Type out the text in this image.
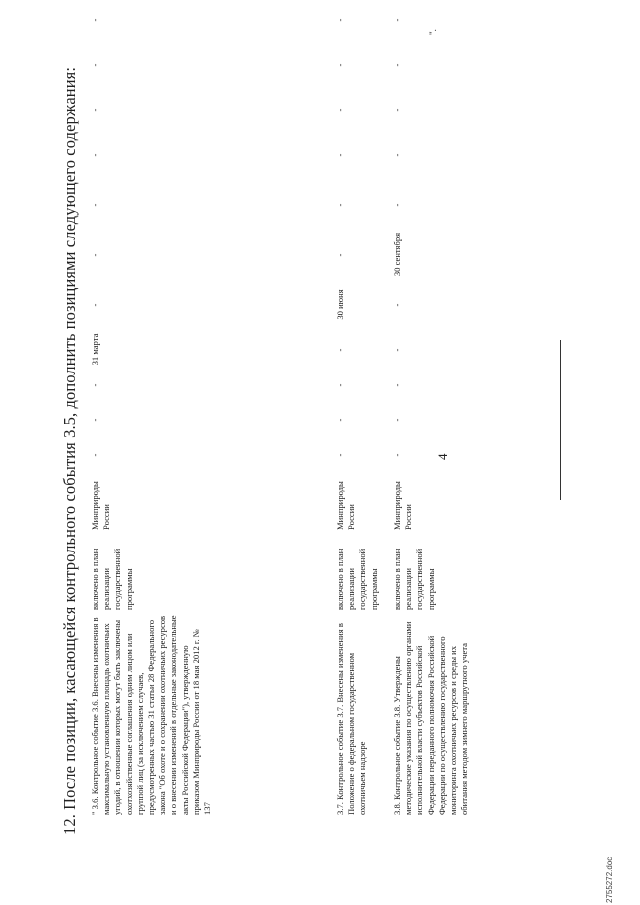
12. После позиции, касающейся контрольного события 3.5, дополнить позициями следующего содержания: " 3.6. Контрольное событие 3.6. Внесены изменения в максимальную установленную площадь охотничьих угодий, в отношении которых могут быть заключены охотхозяйственные соглашения одним лицом или группой лиц (за исключением случаев, предусмотренных частью 31 статьи 28 Федерального закона "Об охоте и о сохранении охотничьих ресурсов и о внесении изменений в отдельные законодательные акты Российской Федерации"), утвержденную приказом Минприроды России от 18 мая 2012 г. № 137
включено в план реализации государственной программы
Минприроды России
-
-
-
31 марта
-
-
-
-
-
-
-
3.7. Контрольное событие 3.7. Внесены изменения в Положение о федеральном государственном охотничьем надзоре
включено в план реализации государственной программы
Минприроды России
-
-
-
-
30 июня
-
-
-
-
-
-
3.8. Контрольное событие 3.8. Утверждены методические указания по осуществлению органами исполнительной власти субъектов Российской Федерации переданного полномочия Российской Федерации по осуществлению государственного мониторинга охотничьих ресурсов и среды их обитания методом зимнего маршрутного учета
включено в план реализации государственной программы
Минприроды России
-
-
-
-
-
30 сентября
-
-
-
-
-
".
4
2755272.doc
